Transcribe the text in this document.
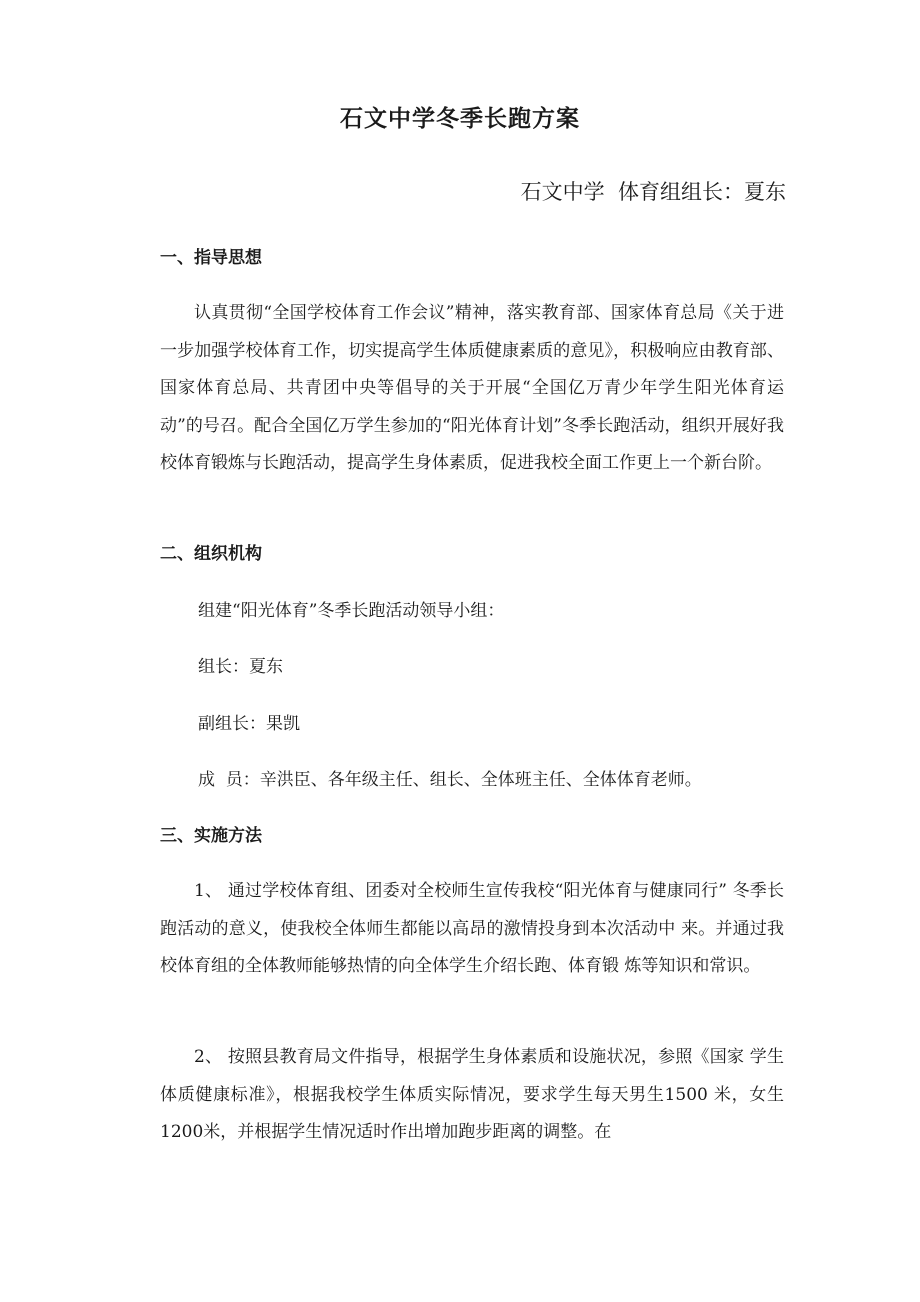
石文中学冬季长跑方案
石文中学  体育组组长：夏东
一、指导思想

认真贯彻“全国学校体育工作会议”精神，落实教育部、国家体育总局《关于进一步加强学校体育工作，切实提高学生体质健康素质的意见》，积极响应由教育部、国家体育总局、共青团中央等倡导的关于开展“全国亿万青少年学生阳光体育运动”的号召。配合全国亿万学生参加的“阳光体育计划”冬季长跑活动，组织开展好我校体育锻炼与长跑活动，提高学生身体素质，促进我校全面工作更上一个新台阶。

二、组织机构
组建“阳光体育”冬季长跑活动领导小组：
组长：夏东
副组长：果凯
成  员：辛洪臣、各年级主任、组长、全体班主任、全体体育老师。
三、实施方法

1、 通过学校体育组、团委对全校师生宣传我校“阳光体育与健康同行” 冬季长跑活动的意义，使我校全体师生都能以高昂的激情投身到本次活动中 来。并通过我校体育组的全体教师能够热情的向全体学生介绍长跑、体育锻 炼等知识和常识。

2、 按照县教育局文件指导，根据学生身体素质和设施状况，参照《国家 学生体质健康标准》，根据我校学生体质实际情况，要求学生每天男生1500 米，女生1200米，并根据学生情况适时作出增加跑步距离的调整。在
